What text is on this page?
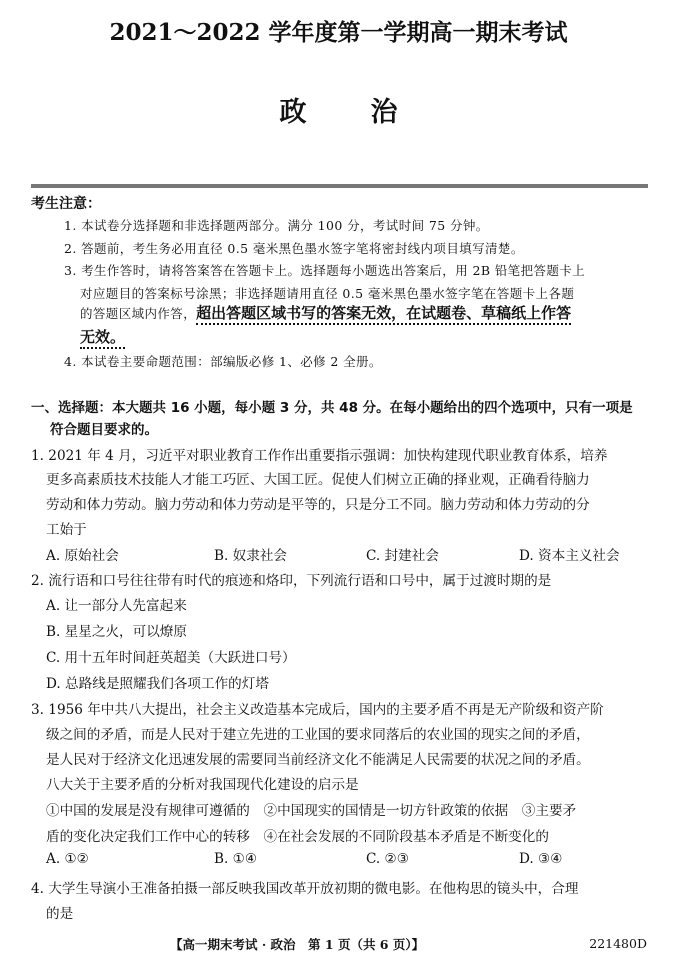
2021～2022 学年度第一学期高一期末考试
政 治
考生注意：
1. 本试卷分选择题和非选择题两部分。满分 100 分，考试时间 75 分钟。
2. 答题前，考生务必用直径 0.5 毫米黑色墨水签字笔将密封线内项目填写清楚。
3. 考生作答时，请将答案答在答题卡上。选择题每小题选出答案后，用 2B 铅笔把答题卡上
对应题目的答案标号涂黑；非选择题请用直径 0.5 毫米黑色墨水签字笔在答题卡上各题
的答题区域内作答，超出答题区域书写的答案无效，在试题卷、草稿纸上作答
无效。
4. 本试卷主要命题范围：部编版必修 1、必修 2 全册。
一、选择题：本大题共 16 小题，每小题 3 分，共 48 分。在每小题给出的四个选项中，只有一项是
符合题目要求的。
1. 2021 年 4 月，习近平对职业教育工作作出重要指示强调：加快构建现代职业教育体系，培养
更多高素质技术技能人才能工巧匠、大国工匠。促使人们树立正确的择业观，正确看待脑力
劳动和体力劳动。脑力劳动和体力劳动是平等的，只是分工不同。脑力劳动和体力劳动的分
工始于
A. 原始社会	B. 奴隶社会	C. 封建社会	D. 资本主义社会
2. 流行语和口号往往带有时代的痕迹和烙印，下列流行语和口号中，属于过渡时期的是
A. 让一部分人先富起来
B. 星星之火，可以燎原
C. 用十五年时间赶英超美（大跃进口号）
D. 总路线是照耀我们各项工作的灯塔
3. 1956 年中共八大提出，社会主义改造基本完成后，国内的主要矛盾不再是无产阶级和资产阶
级之间的矛盾，而是人民对于建立先进的工业国的要求同落后的农业国的现实之间的矛盾，
是人民对于经济文化迅速发展的需要同当前经济文化不能满足人民需要的状况之间的矛盾。
八大关于主要矛盾的分析对我国现代化建设的启示是
①中国的发展是没有规律可遵循的　②中国现实的国情是一切方针政策的依据　③主要矛
盾的变化决定我们工作中心的转移　④在社会发展的不同阶段基本矛盾是不断变化的
A. ①②	B. ①④	C. ②③	D. ③④
4. 大学生导演小王准备拍摄一部反映我国改革开放初期的微电影。在他构思的镜头中，合理
的是
【高一期末考试 · 政治　第 1 页（共 6 页）】	221480D
